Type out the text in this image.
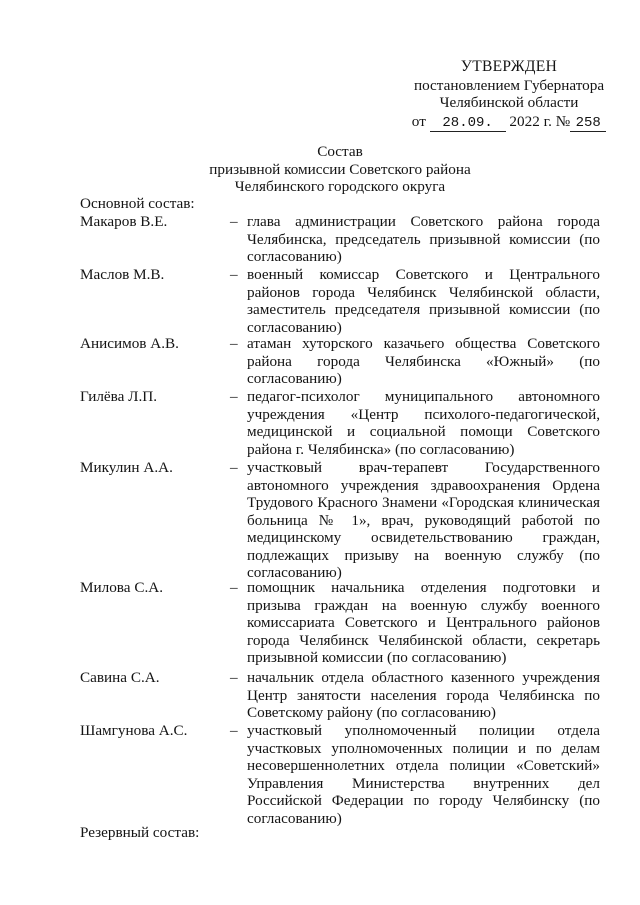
УТВЕРЖДЕН
постановлением Губернатора
Челябинской области
от 28.09. 2022 г. № 258
Состав
призывной комиссии Советского района
Челябинского городского округа
Основной состав:
Макаров В.Е.	– глава администрации Советского района города Челябинска, председатель призывной комиссии (по согласованию)
Маслов М.В.	– военный комиссар Советского и Центрального районов города Челябинск Челябинской области, заместитель председателя призывной комиссии (по согласованию)
Анисимов А.В.	– атаман хуторского казачьего общества Советского района города Челябинска «Южный» (по согласованию)
Гилёва Л.П.	– педагог-психолог муниципального автономного учреждения «Центр психолого-педагогической, медицинской и социальной помощи Советского района г. Челябинска» (по согласованию)
Микулин А.А.	– участковый врач-терапевт Государственного автономного учреждения здравоохранения Ордена Трудового Красного Знамени «Городская клиническая больница № 1», врач, руководящий работой по медицинскому освидетельствованию граждан, подлежащих призыву на военную службу (по согласованию)
Милова С.А.	– помощник начальника отделения подготовки и призыва граждан на военную службу военного комиссариата Советского и Центрального районов города Челябинск Челябинской области, секретарь призывной комиссии (по согласованию)
Савина С.А.	– начальник отдела областного казенного учреждения Центр занятости населения города Челябинска по Советскому району (по согласованию)
Шамгунова А.С.	– участковый уполномоченный полиции отдела участковых уполномоченных полиции и по делам несовершеннолетних отдела полиции «Советский» Управления Министерства внутренних дел Российской Федерации по городу Челябинску (по согласованию)
Резервный состав:
